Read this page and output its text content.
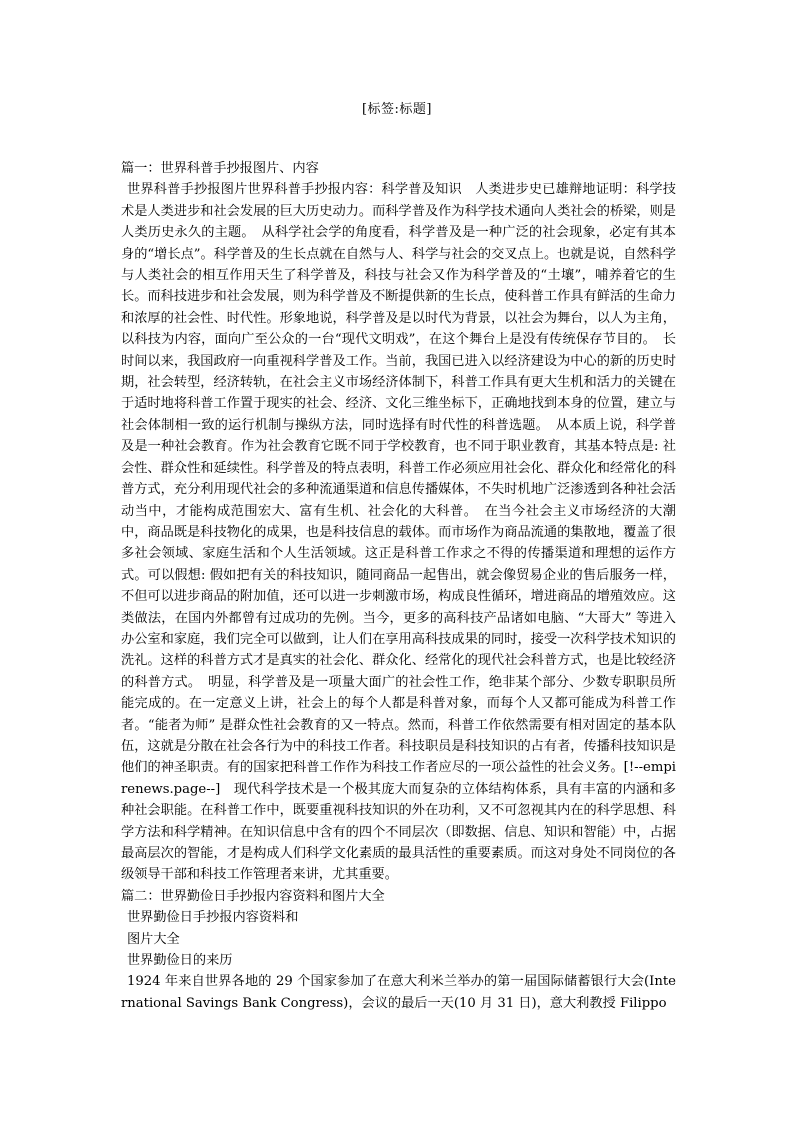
[标签:标题]

篇一：世界科普手抄报图片、内容

世界科普手抄报图片世界科普手抄报内容：科学普及知识　人类进步史已雄辩地证明：科学技术是人类进步和社会发展的巨大历史动力。而科学普及作为科学技术通向人类社会的桥梁，则是人类历史永久的主题。　从科学社会学的角度看，科学普及是一种广泛的社会现象，必定有其本身的“增长点”。科学普及的生长点就在自然与人、科学与社会的交叉点上。也就是说，自然科学与人类社会的相互作用天生了科学普及，科技与社会又作为科学普及的“土壤”，哺养着它的生长。而科技进步和社会发展，则为科学普及不断提供新的生长点，使科普工作具有鲜活的生命力和浓厚的社会性、时代性。形象地说，科学普及是以时代为背景，以社会为舞台，以人为主角，以科技为内容，面向广至公众的一台“现代文明戏”，在这个舞台上是没有传统保存节目的。　长时间以来，我国政府一向重视科学普及工作。当前，我国已进入以经济建设为中心的新的历史时期，社会转型，经济转轨，在社会主义市场经济体制下，科普工作具有更大生机和活力的关键在于适时地将科普工作置于现实的社会、经济、文化三维坐标下，正确地找到本身的位置，建立与社会体制相一致的运行机制与操纵方法，同时选择有时代性的科普选题。　从本质上说，科学普及是一种社会教育。作为社会教育它既不同于学校教育，也不同于职业教育，其基本特点是: 社会性、群众性和延续性。科学普及的特点表明，科普工作必须应用社会化、群众化和经常化的科普方式，充分利用现代社会的多种流通渠道和信息传播媒体，不失时机地广泛渗透到各种社会活动当中，才能构成范围宏大、富有生机、社会化的大科普。　在当今社会主义市场经济的大潮中，商品既是科技物化的成果，也是科技信息的载体。而市场作为商品流通的集散地，覆盖了很多社会领域、家庭生活和个人生活领域。这正是科普工作求之不得的传播渠道和理想的运作方式。可以假想: 假如把有关的科技知识，随同商品一起售出，就会像贸易企业的售后服务一样，不但可以进步商品的附加值，还可以进一步刺激市场，构成良性循环，增进商品的增殖效应。这类做法，在国内外都曾有过成功的先例。当今，更多的高科技产品诸如电脑、“大哥大” 等进入办公室和家庭，我们完全可以做到，让人们在享用高科技成果的同时，接受一次科学技术知识的洗礼。这样的科普方式才是真实的社会化、群众化、经常化的现代社会科普方式，也是比较经济的科普方式。　明显，科学普及是一项量大面广的社会性工作，绝非某个部分、少数专职职员所能完成的。在一定意义上讲，社会上的每个人都是科普对象，而每个人又都可能成为科普工作者。“能者为师” 是群众性社会教育的又一特点。然而，科普工作依然需要有相对固定的基本队伍，这就是分散在社会各行为中的科技工作者。科技职员是科技知识的占有者，传播科技知识是他们的神圣职责。有的国家把科普工作作为科技工作者应尽的一项公益性的社会义务。[!--empirenews.page--]　现代科学技术是一个极其庞大而复杂的立体结构体系，具有丰富的内涵和多种社会职能。在科普工作中，既要重视科技知识的外在功利，又不可忽视其内在的科学思想、科学方法和科学精神。在知识信息中含有的四个不同层次（即数据、信息、知识和智能）中，占据最高层次的智能，才是构成人们科学文化素质的最具活性的重要素质。而这对身处不同岗位的各级领导干部和科技工作管理者来讲，尤其重要。

篇二：世界勤俭日手抄报内容资料和图片大全

世界勤俭日手抄报内容资料和

图片大全

世界勤俭日的来历

1924 年来自世界各地的 29 个国家参加了在意大利米兰举办的第一届国际储蓄银行大会(International Savings Bank Congress)，会议的最后一天(10 月 31 日)，意大利教授 Filippo
